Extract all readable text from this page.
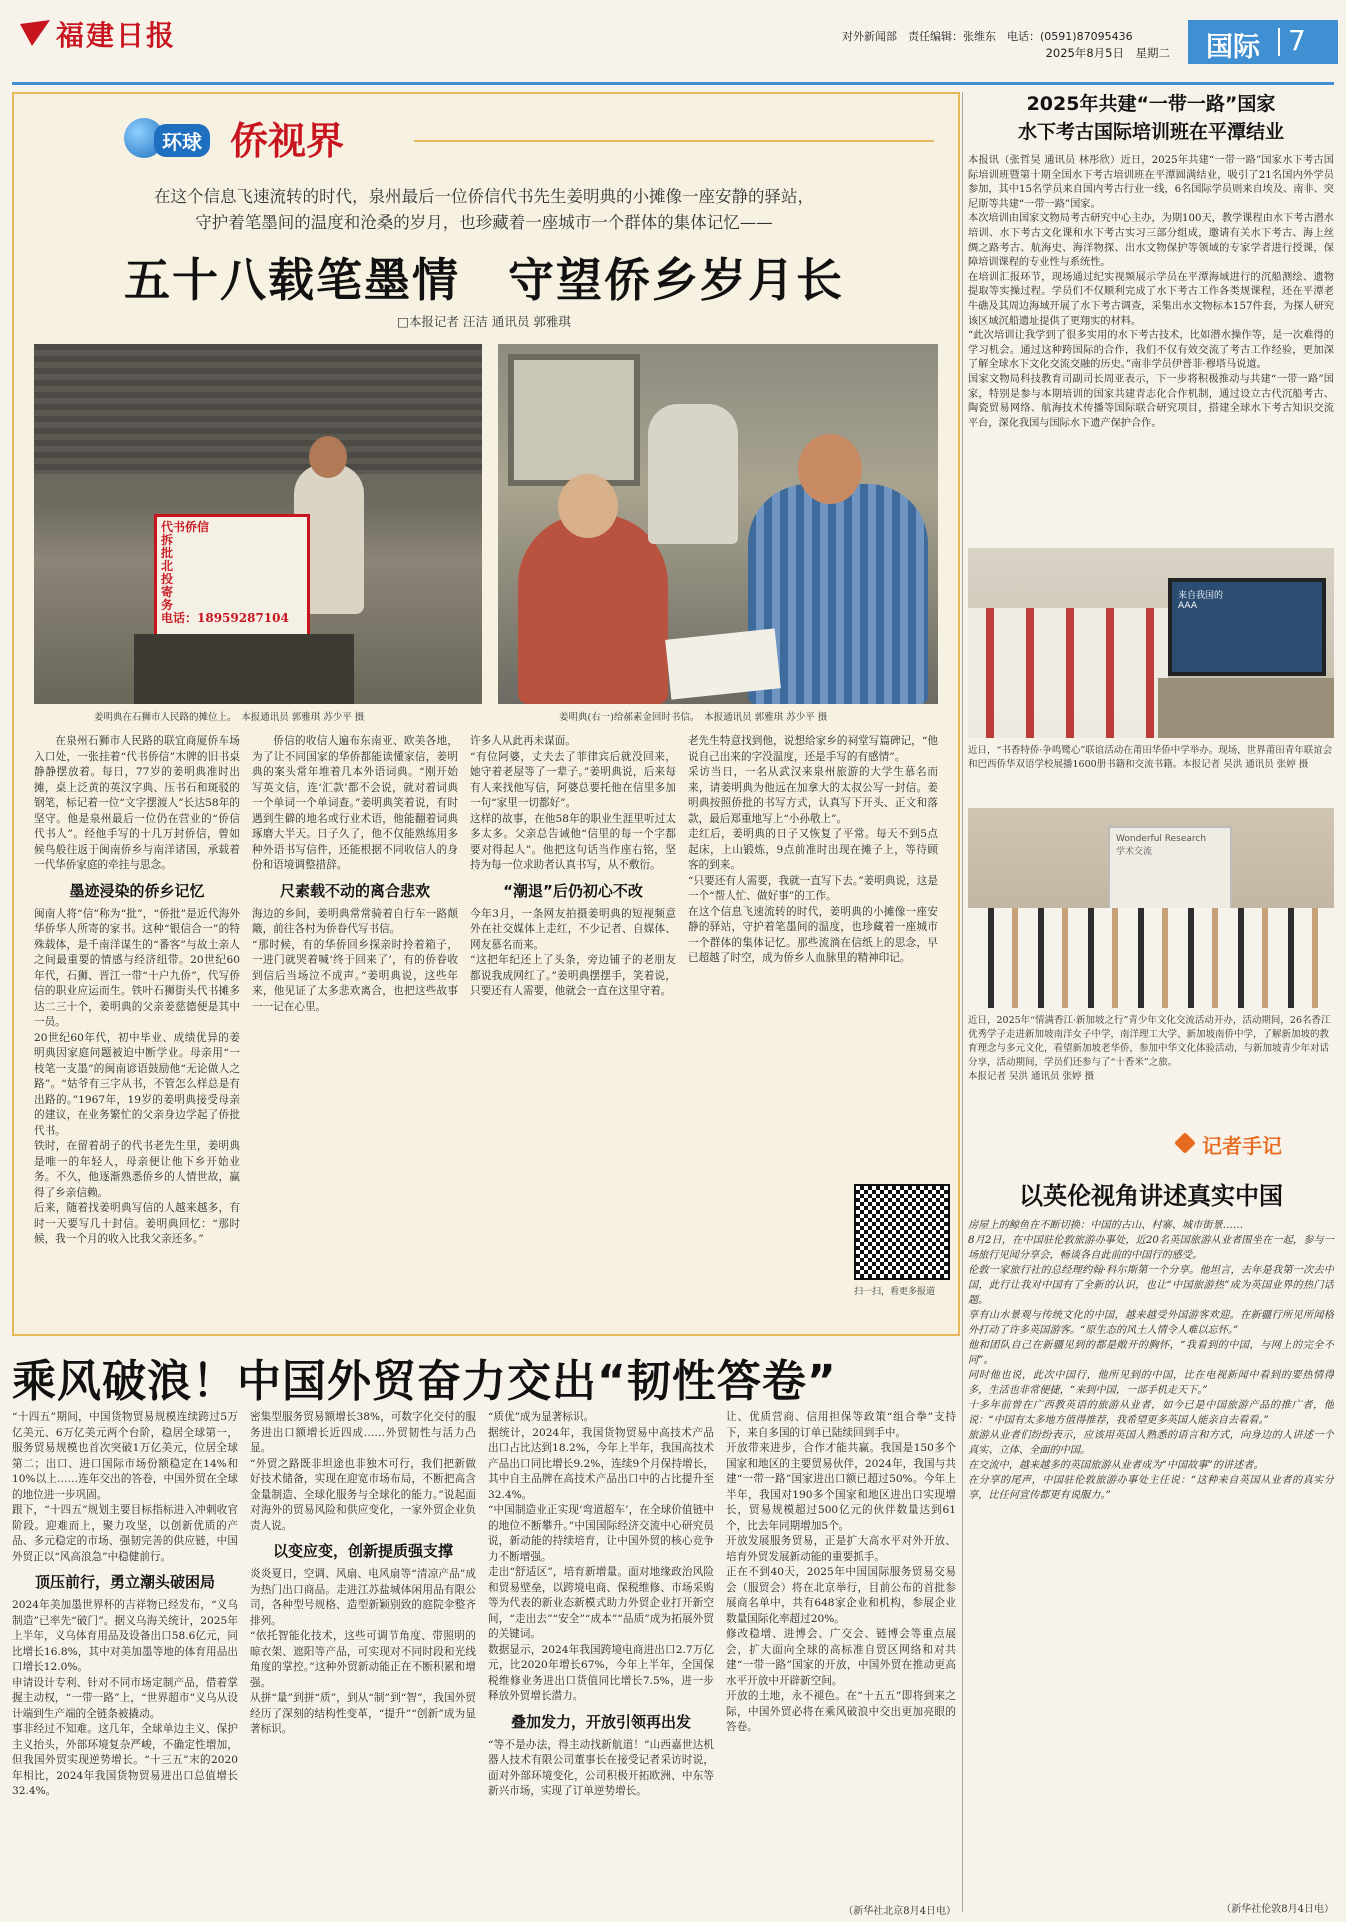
福建日报	对外新闻部　责任编辑：张维东　电话：(0591)87095436
2025年8月5日　星期二 国际 7
环球 侨视界
在这个信息飞速流转的时代，泉州最后一位侨信代书先生姜明典的小摊像一座安静的驿站，
守护着笔墨间的温度和沧桑的岁月，也珍藏着一座城市一个群体的集体记忆——
五十八载笔墨情　守望侨乡岁月长
□本报记者 汪洁 通讯员 郭雅琪
代书侨信
拆
批
北
投
寄
务
电话：18959287104
姜明典在石狮市人民路的摊位上。　本报通讯员 郭雅琪 苏少平 摄	姜明典(右一)给郝素金回时书信。　本报通讯员 郭雅琪 苏少平 摄
在泉州石狮市人民路的联宜商厦侨车场入口处，一张挂着“代书侨信”木牌的旧书桌静静摆放着。每日，77岁的姜明典准时出摊，桌上泛黄的英汉字典、压书石和斑驳的钢笔，标记着一位“文字摆渡人”长达58年的坚守。他是泉州最后一位仍在营业的“侨信代书人”。经他手写的十几万封侨信，曾如候鸟般往返于闽南侨乡与南洋诸国，承载着一代华侨家庭的牵挂与思念。
墨迹浸染的侨乡记忆
闽南人将“信”称为“批”，“侨批”是近代海外华侨华人所寄的家书。这种“银信合一”的特殊载体，是千南洋谋生的“番客”与故土亲人之间最重要的情感与经济纽带。20世纪60年代，石狮、晋江一带“十户九侨”，代写侨信的职业应运而生。铁叶石狮街头代书摊多达二三十个，姜明典的父亲姜慈德便是其中一员。
20世纪60年代，初中毕业、成绩优异的姜明典因家庭问题被迫中断学业。母亲用“一枝笔一支墨”的闽南谚语鼓励他“无论做人之路”。“姑爷有三字从书，不管怎么样总是有出路的。”1967年，19岁的姜明典接受母亲的建议，在业务繁忙的父亲身边学起了侨批代书。
铁时，在留着胡子的代书老先生里，姜明典是唯一的年轻人，母亲便让他下乡开始业务。不久，他逐渐熟悉侨乡的人情世故，赢得了乡亲信赖。
后来，随着找姜明典写信的人越来越多，有时一天要写几十封信。姜明典回忆：“那时候，我一个月的收入比我父亲还多。”
侨信的收信人遍布东南亚、欧美各地，为了让不同国家的华侨都能读懂家信，姜明典的案头常年堆着几本外语词典。“刚开始写英文信，连‘汇款’都不会说，就对着词典一个单词一个单词查。”姜明典笑着说，有时遇到生僻的地名或行业术语，他能翻着词典琢磨大半天。日子久了，他不仅能熟练用多种外语书写信件，还能根据不同收信人的身份和语境调整措辞。
尺素载不动的离合悲欢
海边的乡间，姜明典常常骑着自行车一路颠簸，前往各村为侨眷代写书信。
“那时候，有的华侨回乡探亲时拎着箱子，一进门就哭着喊‘终于回来了’，有的侨眷收到信后当场泣不成声。”姜明典说，这些年来，他见证了太多悲欢离合，也把这些故事一一记在心里。
许多人从此再未谋面。
“有位阿婆，丈夫去了菲律宾后就没回来，她守着老屋等了一辈子。”姜明典说，后来每有人来找他写信，阿婆总要托他在信里多加一句“家里一切都好”。
这样的故事，在他58年的职业生涯里听过太多太多。父亲总告诫他“信里的每一个字都要对得起人”。他把这句话当作座右铭，坚持为每一位求助者认真书写，从不敷衍。
“潮退”后仍初心不改
今年3月，一条网友拍摄姜明典的短视频意外在社交媒体上走红，不少记者、自媒体、网友慕名而来。
“这把年纪还上了头条，旁边铺子的老朋友都说我成网红了。”姜明典摆摆手，笑着说，只要还有人需要，他就会一直在这里守着。
老先生特意找到他，说想给家乡的祠堂写篇碑记，“他说自己出来的字没温度，还是手写的有感情”。
采访当日，一名从武汉来泉州旅游的大学生慕名而来，请姜明典为他远在加拿大的太叔公写一封信。姜明典按照侨批的书写方式，认真写下开头、正文和落款，最后郑重地写上“小孙敬上”。
走红后，姜明典的日子又恢复了平常。每天不到5点起床，上山锻炼，9点前准时出现在摊子上，等待顾客的到来。
“只要还有人需要，我就一直写下去。”姜明典说，这是一个“帮人忙、做好事”的工作。
在这个信息飞速流转的时代，姜明典的小摊像一座安静的驿站，守护着笔墨间的温度，也珍藏着一座城市一个群体的集体记忆。那些流淌在信纸上的思念，早已超越了时空，成为侨乡人血脉里的精神印记。
扫一扫，看更多报道
2025年共建“一带一路”国家
水下考古国际培训班在平潭结业
本报讯（张哲昊 通讯员 林彤欣）近日，2025年共建“一带一路”国家水下考古国际培训班暨第十期全国水下考古培训班在平潭圆满结业，吸引了21名国内外学员参加，其中15名学员来自国内考古行业一线，6名国际学员则来自埃及、南非、突尼斯等共建“一带一路”国家。
本次培训由国家文物局考古研究中心主办，为期100天，教学课程由水下考古潜水培训、水下考古文化课和水下考古实习三部分组成，邀请有关水下考古、海上丝绸之路考古、航海史、海洋物探、出水文物保护等领域的专家学者进行授课，保障培训课程的专业性与系统性。
在培训汇报环节，现场通过纪实视频展示学员在平潭海域进行的沉船测绘、遗物提取等实操过程。学员们不仅顺利完成了水下考古工作各类规课程，还在平潭老牛礁及其周边海域开展了水下考古调查，采集出水文物标本157件套，为探人研究该区域沉船遗址提供了更翔实的材料。
“此次培训让我学到了很多实用的水下考古技术，比如潜水操作等，是一次难得的学习机会。通过这种跨国际的合作，我们不仅有效交流了考古工作经验，更加深了解全球水下文化交流交融的历史。”南非学员伊普菲·穆塔马说道。
国家文物局科技教育司副司长周亚表示，下一步将积极推动与共建“一带一路”国家，特别是参与本期培训的国家共建青志化合作机制，通过设立古代沉船考古、陶瓷贸易网络、航海技术传播等国际联合研究项目，搭建全球水下考古知识交流平台，深化我国与国际水下遗产保护合作。
来自我国的
AAA
近日，“书香特侨·争鸣鹭心”联谊活动在莆田华侨中学举办。现场，世界莆田青年联谊会和巴西侨华双语学校展播1600册书籍和交流书籍。本报记者 吴洪 通讯员 张婷 摄
Wonderful Research
学术交流
近日，2025年“情满香江·新加坡之行”青少年文化交流活动开办，活动期间，26名香江优秀学子走进新加坡南洋女子中学，南洋理工大学、新加坡南侨中学，了解新加坡的教育理念与多元文化，看望新加坡老华侨，参加中华文化体验活动，与新加坡青少年对话分享，活动期间，学员们还参与了“十香米”之旅。
本报记者 吴洪 通讯员 张婷 摄
记者手记
以英伦视角讲述真实中国
房屋上的鲸鱼在不断切换：中国的古山、村寨、城市街景……
8月2日，在中国驻伦敦旅游办事处，近20名英国旅游从业者围坐在一起，参与一场旅行见闻分享会，畅谈各自此前的中国行的感受。
伦敦一家旅行社的总经理约翰·科尔斯第一个分享。他坦言，去年是我第一次去中国，此行让我对中国有了全新的认识，也让“中国旅游热”成为英国业界的热门话题。
享有山水景观与传统文化的中国，越来越受外国游客欢迎。在新疆行所见所闻格外打动了许多英国游客。“原生态的风土人情令人难以忘怀。”
他和团队自己在新疆见到的都是敞开的胸怀，“我看到的中国，与网上的完全不同”。
同时他也说，此次中国行，他所见到的中国，比在电视新闻中看到的要热情得多，生活也非常便捷，“来到中国，一部手机走天下。”
十多年前曾在广西教英语的旅游从业者，如今已是中国旅游产品的推广者，他说：“中国有太多地方值得推荐，我希望更多英国人能亲自去看看。”
旅游从业者们纷纷表示，应该用英国人熟悉的语言和方式，向身边的人讲述一个真实、立体、全面的中国。
在交流中，越来越多的英国旅游从业者成为“中国故事”的讲述者。
在分享的尾声，中国驻伦敦旅游办事处主任说：“这种来自英国从业者的真实分享，比任何宣传都更有说服力。”
（新华社伦敦8月4日电）
乘风破浪！中国外贸奋力交出“韧性答卷”
“十四五”期间，中国货物贸易规模连续跨过5万亿美元、6万亿美元两个台阶，稳居全球第一，服务贸易规模也首次突破1万亿美元，位居全球第二；出口、进口国际市场份额稳定在14%和10%以上……连年交出的答卷，中国外贸在全球的地位进一步巩固。
跟下，“十四五”规划主要目标指标进入冲刺收官阶段。迎难而上，聚力攻坚，以创新优质的产品、多元稳定的市场、强韧完善的供应链，中国外贸正以“风高浪急”中稳健前行。
顶压前行，勇立潮头破困局
2024年美加墨世界杯的吉祥物已经发布，“义乌制造”已率先“破门”。据义乌海关统计，2025年上半年，义乌体育用品及设备出口58.6亿元，同比增长16.8%，其中对美加墨等地的体育用品出口增长12.0%。
申请设计专利、针对不同市场定制产品，借着掌握主动权，“一带一路”上，“世界超市”义乌从设计端到生产端的全链条被撬动。
事非经过不知难。这几年，全球单边主义、保护主义抬头，外部环境复杂严峻，不确定性增加，但我国外贸实现逆势增长。“十三五”末的2020年相比，2024年我国货物贸易进出口总值增长32.4%。
密集型服务贸易额增长38%，可数字化交付的服务进出口额增长近四成……外贸韧性与活力凸显。
“外贸之路既非坦途也非独木可行，我们把新做好技术储备，实现在迎宽市场布局，不断把高含金量制造、全球化服务与全球化的能力。”说起面对海外的贸易风险和供应变化，一家外贸企业负责人说。
以变应变，创新提质强支撑
炎炎夏日，空调、风扇、电风扇等“清凉产品”成为热门出口商品。走进江苏盐城体闲用品有限公司，各种型号规格、造型新颖别致的庭院伞整齐排列。
“依托智能化技术，这些可调节角度、带照明的晾衣架、遮阳等产品，可实现对不同时段和光线角度的掌控。”这种外贸新动能正在不断积累和增强。
从拼“量”到拼“质”，到从“制”到“智”，我国外贸经历了深刻的结构性变革，“提升”“创新”成为显著标识。
“质优”成为显著标识。
据统计，2024年，我国货物贸易中高技术产品出口占比达到18.2%，今年上半年，我国高技术产品出口同比增长9.2%，连续9个月保持增长，其中自主品牌在高技术产品出口中的占比提升至32.4%。
“中国制造业正实现‘弯道超车’，在全球价值链中的地位不断攀升。”中国国际经济交流中心研究员说，新动能的持续培育，让中国外贸的核心竞争力不断增强。
走出“舒适区”，培育新增量。面对地缘政治风险和贸易壁垒，以跨境电商、保税维修、市场采购等为代表的新业态新模式助力外贸企业打开新空间，“走出去”“安全”“成本”“品质”成为拓展外贸的关键词。
数据显示，2024年我国跨境电商进出口2.7万亿元，比2020年增长67%，今年上半年，全国保税维修业务进出口货值同比增长7.5%，进一步释放外贸增长潜力。
叠加发力，开放引领再出发
“等不是办法，得主动找新航道！”山西嘉世达机器人技术有限公司董事长在接受记者采访时说，面对外部环境变化，公司积极开拓欧洲、中东等新兴市场，实现了订单逆势增长。
让、优质营商、信用担保等政策“组合拳”支持下，来自多国的订单已陆续回到手中。
开放带来进步，合作才能共赢。我国是150多个国家和地区的主要贸易伙伴，2024年，我国与共建“一带一路”国家进出口额已超过50%。今年上半年，我国对190多个国家和地区进出口实现增长，贸易规模超过500亿元的伙伴数量达到61个，比去年同期增加5个。
开放发展服务贸易，正是扩大高水平对外开放、培育外贸发展新动能的重要抓手。
正在不到40天，2025年中国国际服务贸易交易会（服贸会）将在北京举行，目前公布的首批参展商名单中，共有648家企业和机构，参展企业数量国际化率超过20%。
修改稳增、进博会、广交会、链博会等重点展会，扩大面向全球的高标准自贸区网络和对共建“一带一路”国家的开放，中国外贸在推动更高水平开放中开辟新空间。
开放的土地，永不褪色。在“十五五”即将到来之际，中国外贸必将在乘风破浪中交出更加亮眼的答卷。
（新华社北京8月4日电）
